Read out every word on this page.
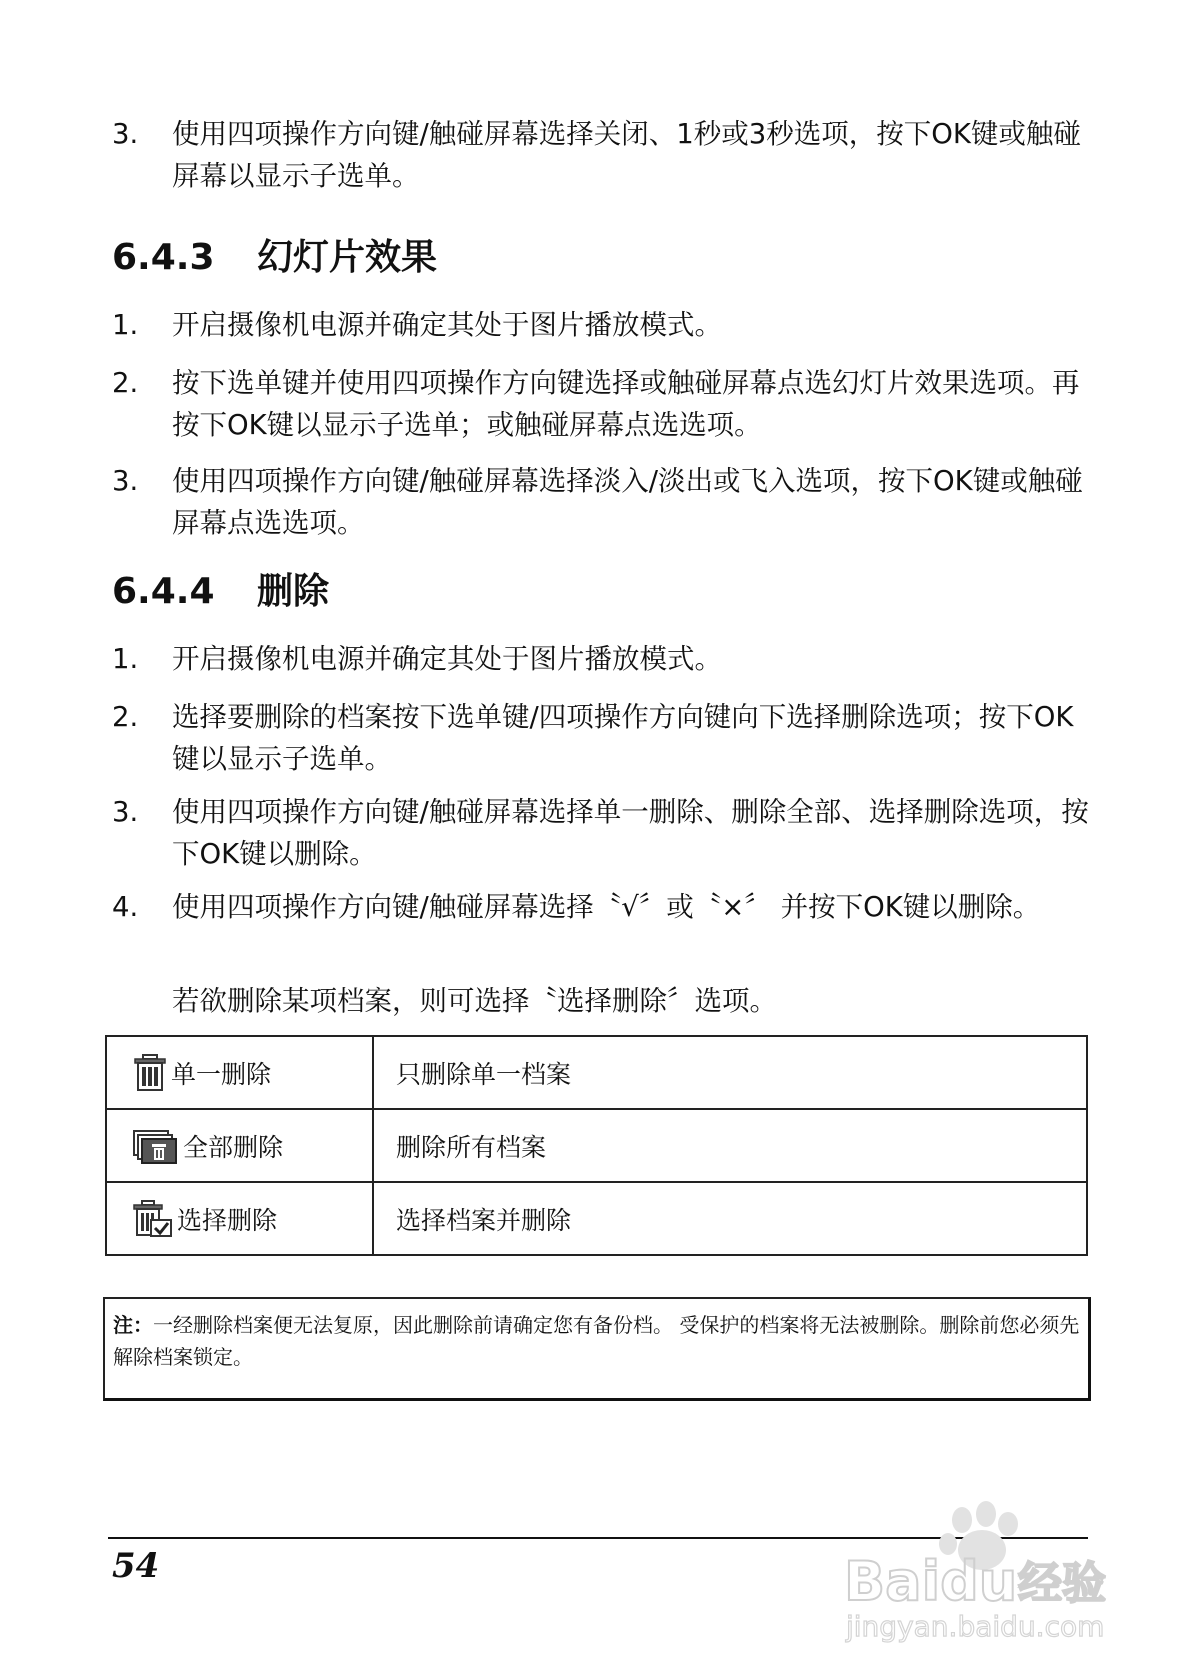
3.	使用四项操作方向键/触碰屏幕选择关闭、1秒或3秒选项，按下OK键或触碰屏幕以显示子选单。
6.4.3 幻灯片效果
1.	开启摄像机电源并确定其处于图片播放模式。
2.	按下选单键并使用四项操作方向键选择或触碰屏幕点选幻灯片效果选项。再按下OK键以显示子选单；或触碰屏幕点选选项。
3.	使用四项操作方向键/触碰屏幕选择淡入/淡出或飞入选项，按下OK键或触碰屏幕点选选项。
6.4.4 删除
1.	开启摄像机电源并确定其处于图片播放模式。
2.	选择要删除的档案按下选单键/四项操作方向键向下选择删除选项；按下OK键以显示子选单。
3.	使用四项操作方向键/触碰屏幕选择单一删除、删除全部、选择删除选项，按下OK键以删除。
4.	使用四项操作方向键/触碰屏幕选择〝√〞或〝×〞 并按下OK键以删除。
若欲删除某项档案，则可选择〝选择删除〞选项。
单一删除	只删除单一档案

全部删除	删除所有档案

选择删除	选择档案并删除
注：一经删除档案便无法复原，因此删除前请确定您有备份档。 受保护的档案将无法被删除。删除前您必须先解除档案锁定。
54	Baidu 经验
jingyan.baidu.com
